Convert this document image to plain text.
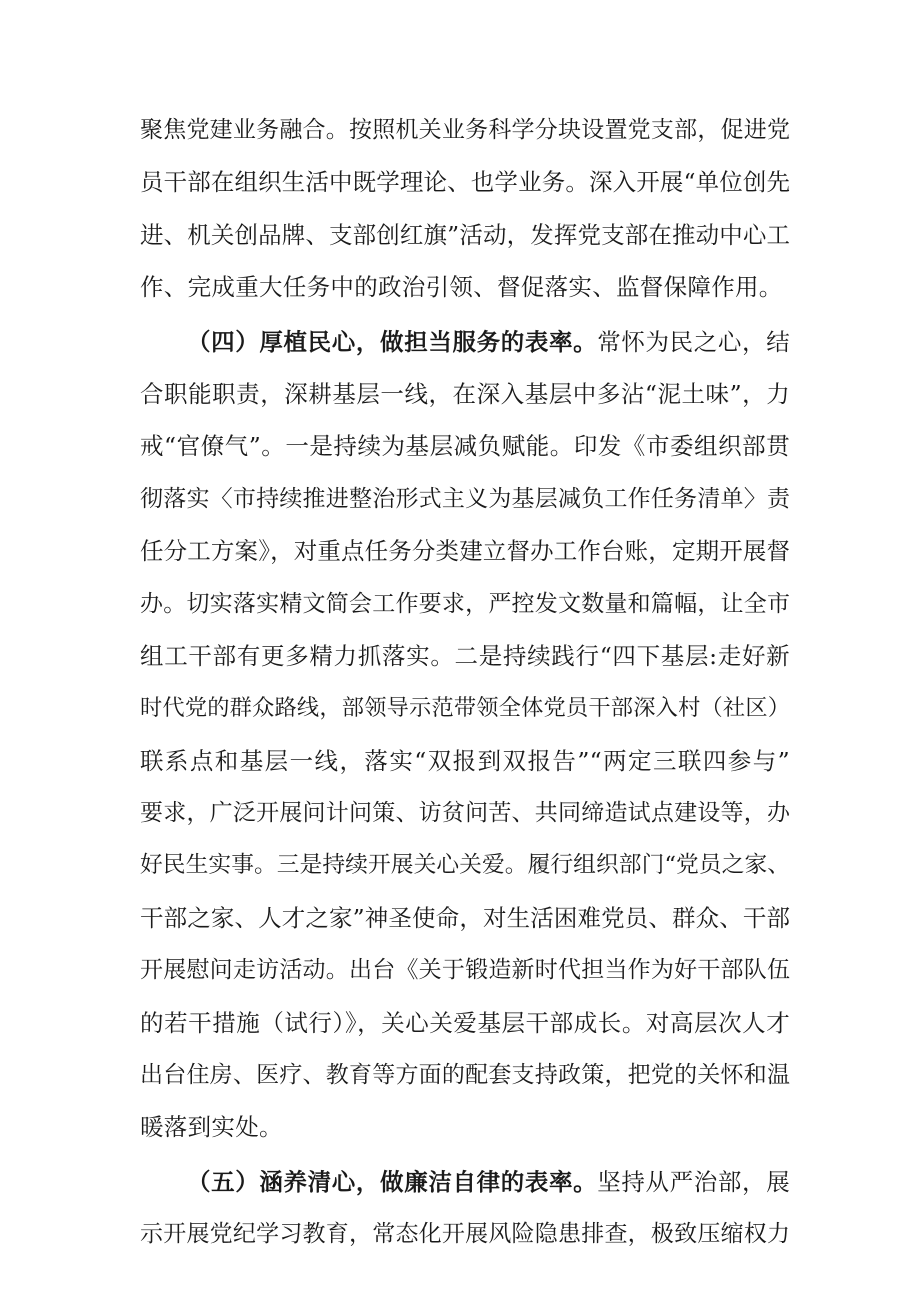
聚焦党建业务融合。按照机关业务科学分块设置党支部，促进党
员干部在组织生活中既学理论、也学业务。深入开展“单位创先
进、机关创品牌、支部创红旗”活动，发挥党支部在推动中心工
作、完成重大任务中的政治引领、督促落实、监督保障作用。
（四）厚植民心，做担当服务的表率。常怀为民之心，结
合职能职责，深耕基层一线，在深入基层中多沾“泥土味”，力
戒“官僚气”。一是持续为基层减负赋能。印发《市委组织部贯
彻落实〈市持续推进整治形式主义为基层减负工作任务清单〉责
任分工方案》，对重点任务分类建立督办工作台账，定期开展督
办。切实落实精文简会工作要求，严控发文数量和篇幅，让全市
组工干部有更多精力抓落实。二是持续践行“四下基层:走好新
时代党的群众路线，部领导示范带领全体党员干部深入村（社区）
联系点和基层一线，落实“双报到双报告”“两定三联四参与”
要求，广泛开展问计问策、访贫问苦、共同缔造试点建设等，办
好民生实事。三是持续开展关心关爱。履行组织部门“党员之家、
干部之家、人才之家”神圣使命，对生活困难党员、群众、干部
开展慰问走访活动。出台《关于锻造新时代担当作为好干部队伍
的若干措施（试行）》，关心关爱基层干部成长。对高层次人才
出台住房、医疗、教育等方面的配套支持政策，把党的关怀和温
暖落到实处。
（五）涵养清心，做廉洁自律的表率。坚持从严治部，展
示开展党纪学习教育，常态化开展风险隐患排查，极致压缩权力
